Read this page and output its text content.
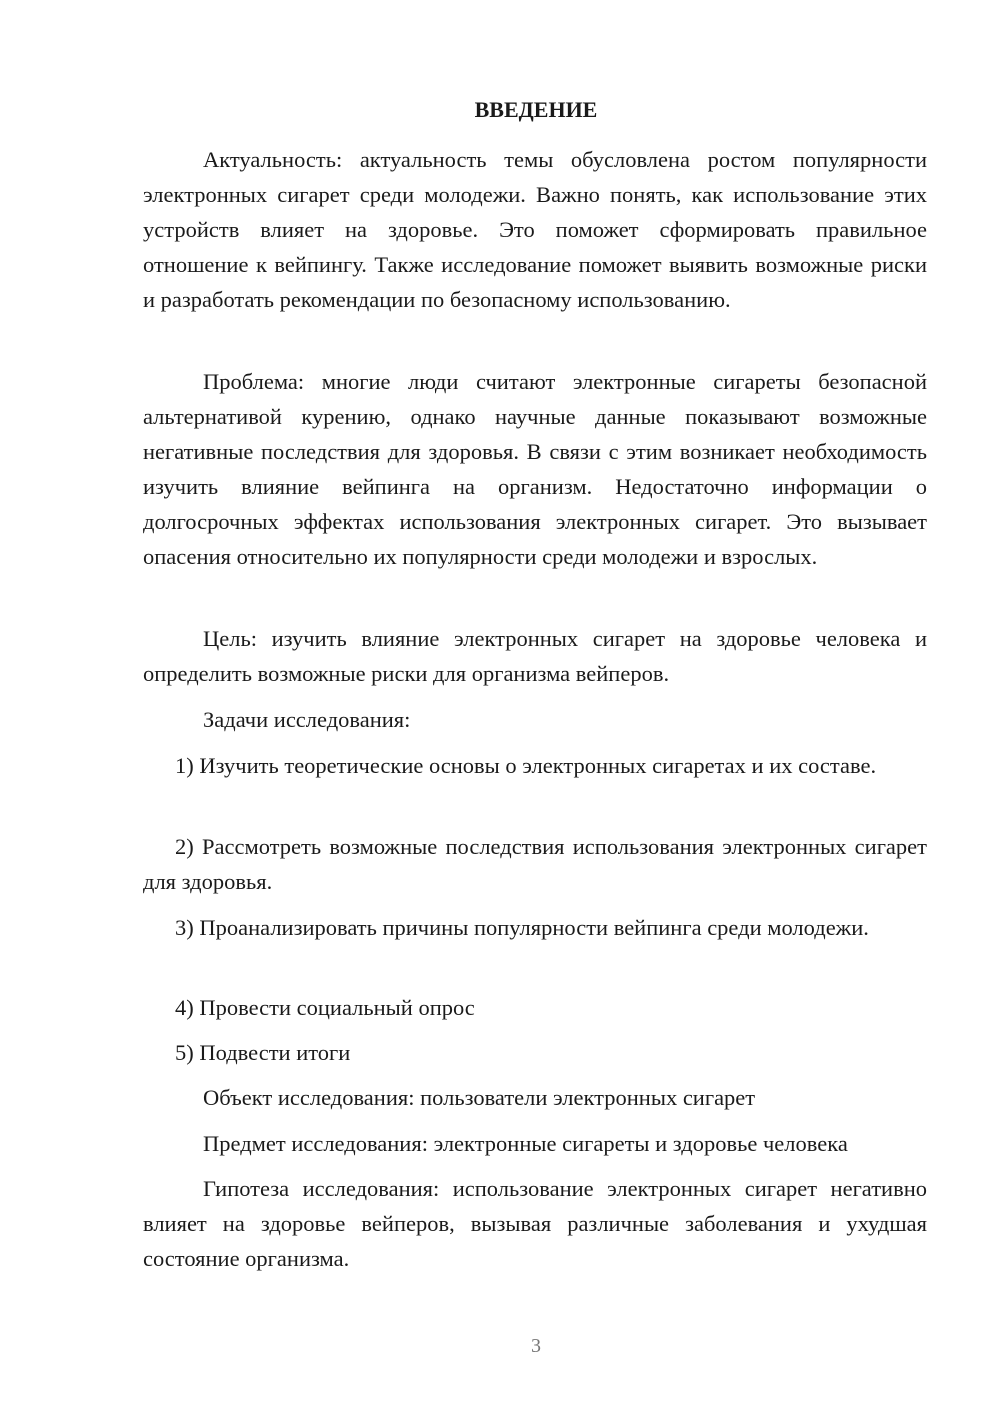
ВВЕДЕНИЕ

Актуальность: актуальность темы обусловлена ростом популярности электронных сигарет среди молодежи. Важно понять, как использование этих устройств влияет на здоровье. Это поможет сформировать правильное отношение к вейпингу. Также исследование поможет выявить возможные риски и разработать рекомендации по безопасному использованию.

Проблема: многие люди считают электронные сигареты безопасной альтернативой курению, однако научные данные показывают возможные негативные последствия для здоровья. В связи с этим возникает необходимость изучить влияние вейпинга на организм. Недостаточно информации о долгосрочных эффектах использования электронных сигарет. Это вызывает опасения относительно их популярности среди молодежи и взрослых.

Цель: изучить влияние электронных сигарет на здоровье человека и определить возможные риски для организма вейперов.

Задачи исследования:

1) Изучить теоретические основы о электронных сигаретах и их составе.

2) Рассмотреть возможные последствия использования электронных сигарет для здоровья.

3) Проанализировать причины популярности вейпинга среди молодежи.

4) Провести социальный опрос

5) Подвести итоги

Объект исследования: пользователи электронных сигарет

Предмет исследования: электронные сигареты и здоровье человека

Гипотеза исследования: использование электронных сигарет негативно влияет на здоровье вейперов, вызывая различные заболевания и ухудшая состояние организма.

3
